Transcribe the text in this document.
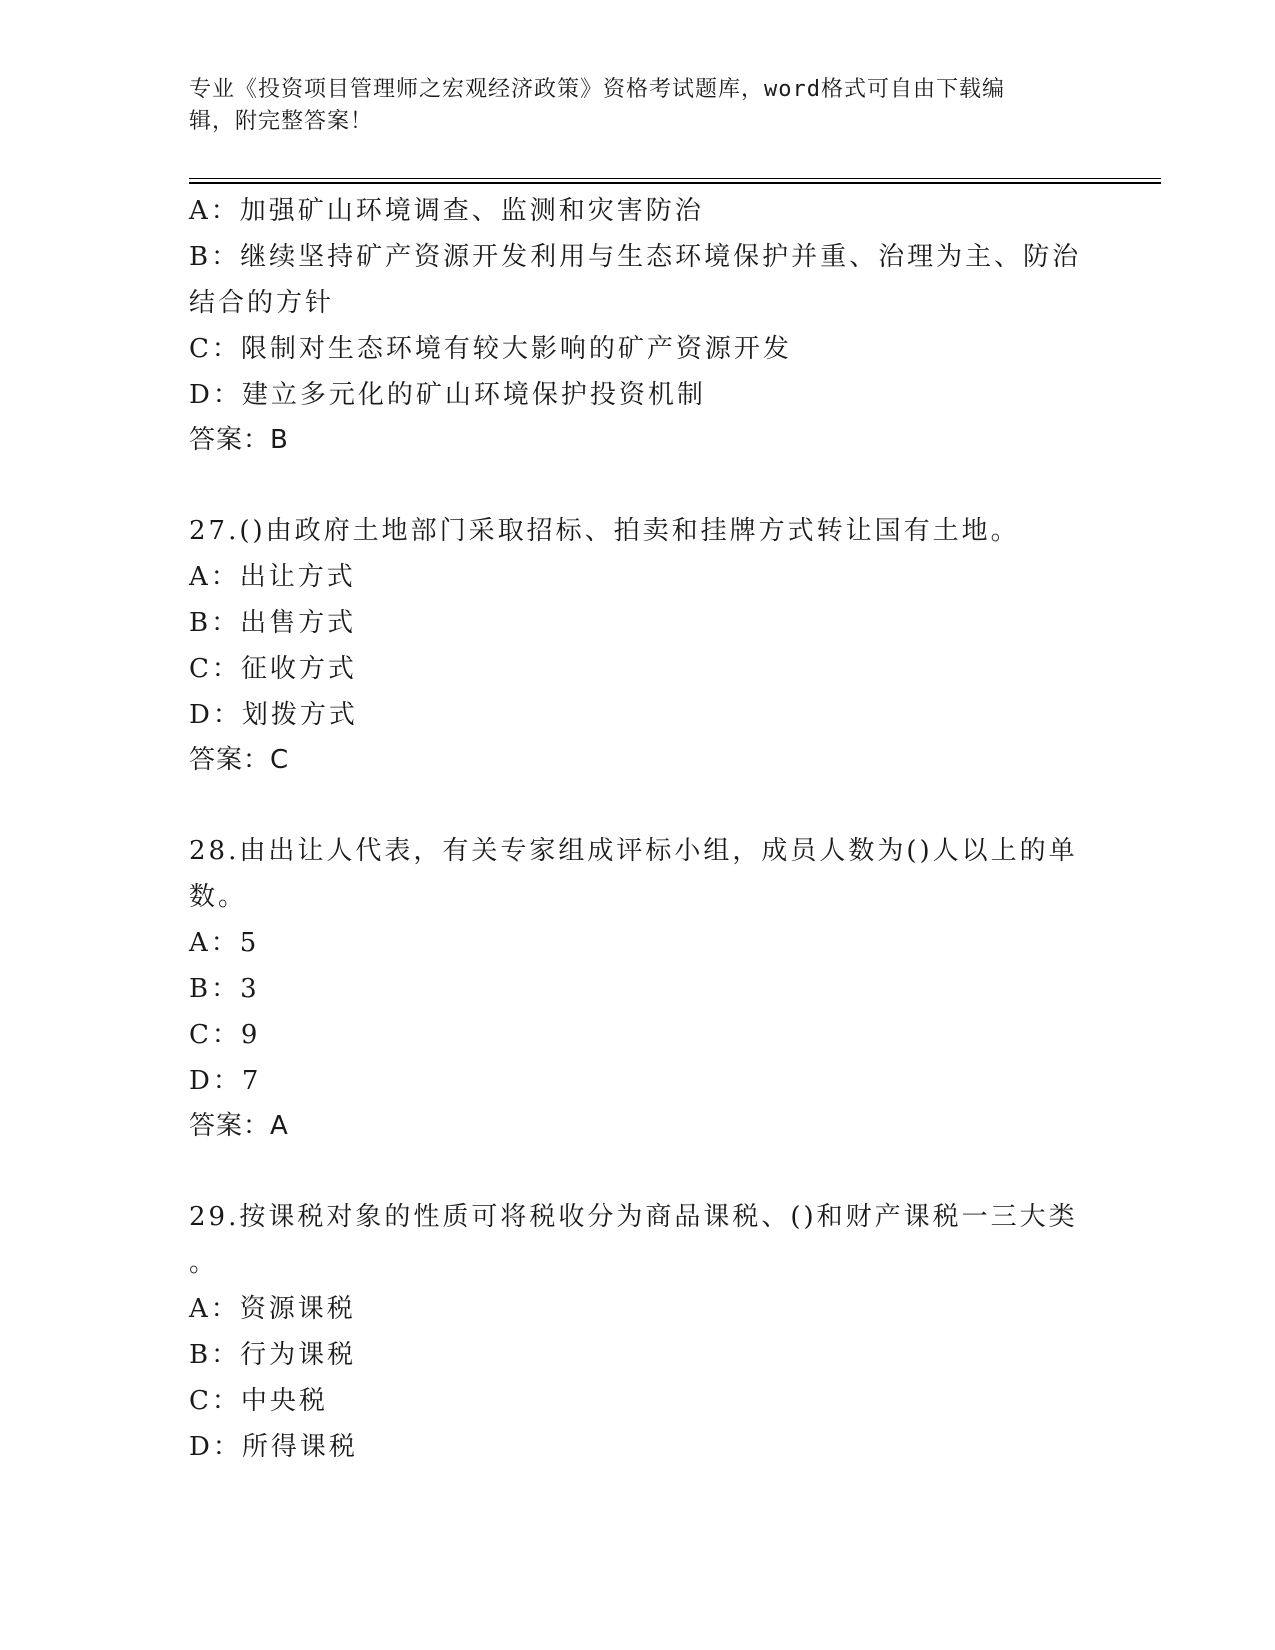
专业《投资项目管理师之宏观经济政策》资格考试题库，word格式可自由下载编
辑，附完整答案！
A：加强矿山环境调查、监测和灾害防治
B：继续坚持矿产资源开发利用与生态环境保护并重、治理为主、防治
结合的方针
C：限制对生态环境有较大影响的矿产资源开发
D：建立多元化的矿山环境保护投资机制
答案：B
27.()由政府土地部门采取招标、拍卖和挂牌方式转让国有土地。
A：出让方式
B：出售方式
C：征收方式
D：划拨方式
答案：C
28.由出让人代表，有关专家组成评标小组，成员人数为()人以上的单
数。
A：5
B：3
C：9
D：7
答案：A
29.按课税对象的性质可将税收分为商品课税、()和财产课税一三大类
。
A：资源课税
B：行为课税
C：中央税
D：所得课税
